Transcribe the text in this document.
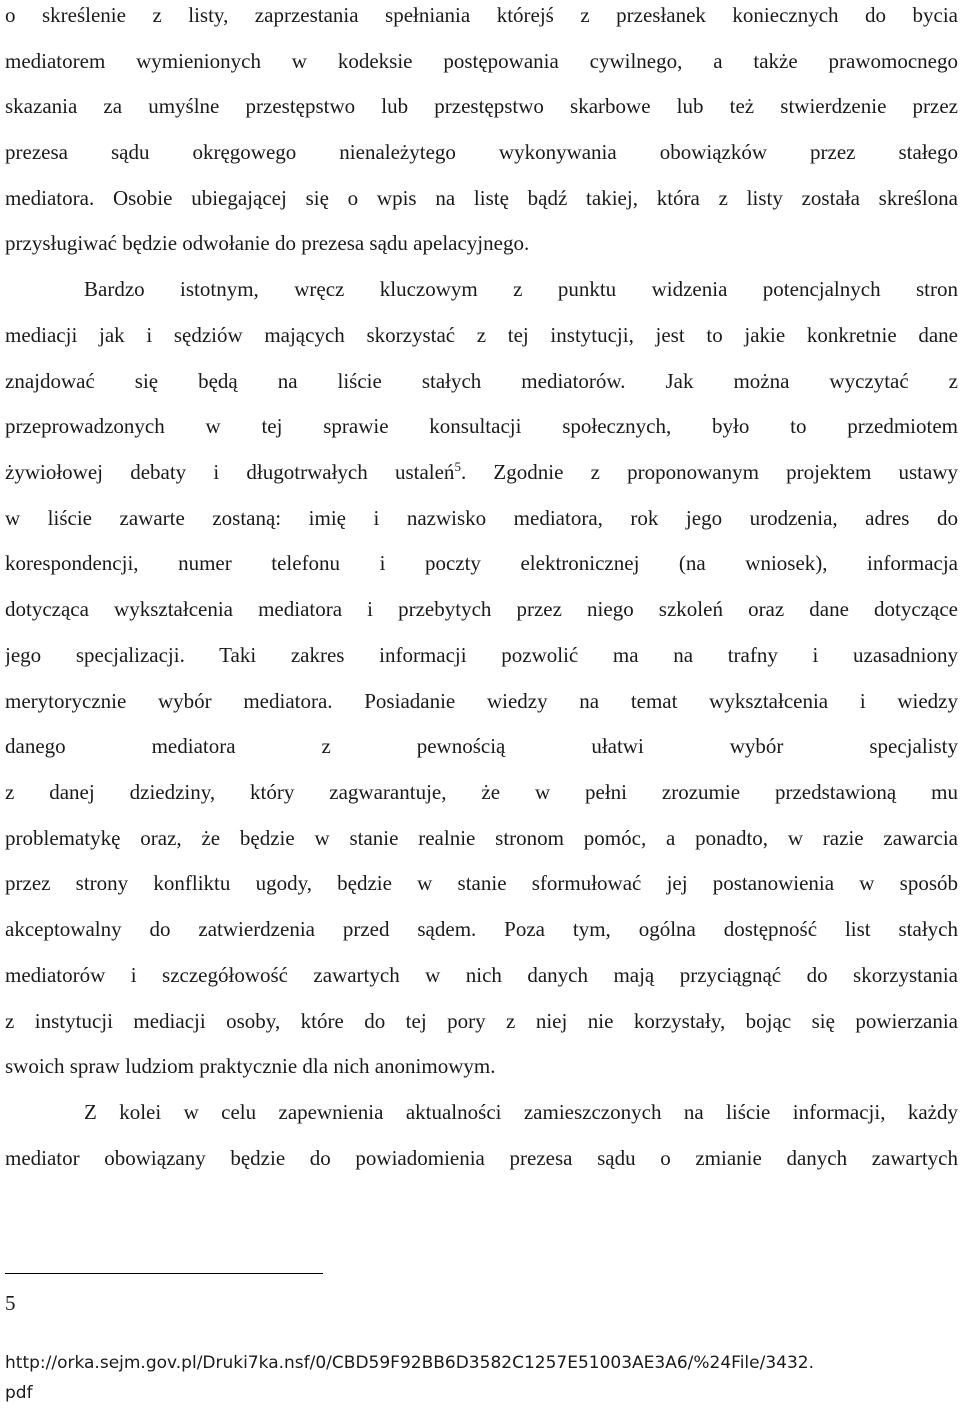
o skreślenie z listy, zaprzestania spełniania którejś z przesłanek koniecznych do bycia
mediatorem wymienionych w kodeksie postępowania cywilnego, a także prawomocnego
skazania za umyślne przestępstwo lub przestępstwo skarbowe lub też stwierdzenie przez
prezesa sądu okręgowego nienależytego wykonywania obowiązków przez stałego
mediatora. Osobie ubiegającej się o wpis na listę bądź takiej, która z listy została skreślona
przysługiwać będzie odwołanie do prezesa sądu apelacyjnego.
Bardzo istotnym, wręcz kluczowym z punktu widzenia potencjalnych stron
mediacji jak i sędziów mających skorzystać z tej instytucji, jest to jakie konkretnie dane
znajdować się będą na liście stałych mediatorów. Jak można wyczytać z
przeprowadzonych w tej sprawie konsultacji społecznych, było to przedmiotem
żywiołowej debaty i długotrwałych ustaleń$^5$. Zgodnie z proponowanym projektem ustawy
w liście zawarte zostaną: imię i nazwisko mediatora, rok jego urodzenia, adres do
korespondencji, numer telefonu i poczty elektronicznej (na wniosek), informacja
dotycząca wykształcenia mediatora i przebytych przez niego szkoleń oraz dane dotyczące
jego specjalizacji. Taki zakres informacji pozwolić ma na trafny i uzasadniony
merytorycznie wybór mediatora. Posiadanie wiedzy na temat wykształcenia i wiedzy
danego mediatora z pewnością ułatwi wybór specjalisty
z danej dziedziny, który zagwarantuje, że w pełni zrozumie przedstawioną mu
problematykę oraz, że będzie w stanie realnie stronom pomóc, a ponadto, w razie zawarcia
przez strony konfliktu ugody, będzie w stanie sformułować jej postanowienia w sposób
akceptowalny do zatwierdzenia przed sądem. Poza tym, ogólna dostępność list stałych
mediatorów i szczegółowość zawartych w nich danych mają przyciągnąć do skorzystania
z instytucji mediacji osoby, które do tej pory z niej nie korzystały, bojąc się powierzania
swoich spraw ludziom praktycznie dla nich anonimowym.
Z kolei w celu zapewnienia aktualności zamieszczonych na liście informacji, każdy
mediator obowiązany będzie do powiadomienia prezesa sądu o zmianie danych zawartych
5
http://orka.sejm.gov.pl/Druki7ka.nsf/0/CBD59F92BB6D3582C1257E51003AE3A6/%24File/3432.
pdf
